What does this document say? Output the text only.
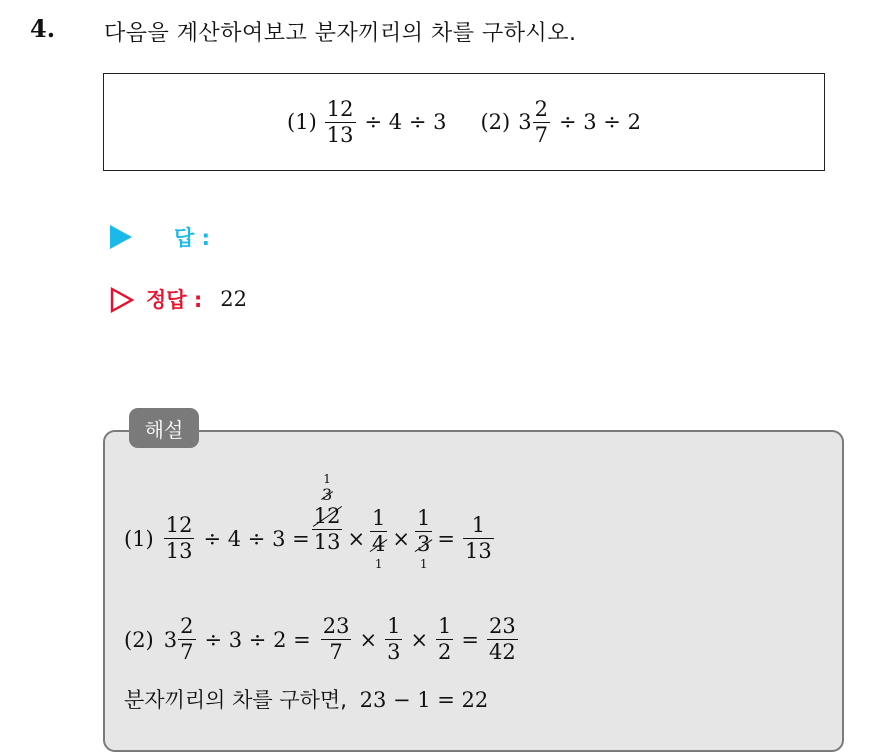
4. 다음을 계산하여보고 분자끼리의 차를 구하시오.
$(1) \frac{12}{13} \div 4 \div 3$ (2) $3 \frac{2}{7} \div 3 \div 2$
답 :
정답 : 22
해설
$(1) \frac{12}{13} \div 4 \div 3$ =
1
3
$\frac{12}{13} \times \frac{1}{4}$
1
× $\frac{1}{3}$
1
= $\frac{1}{13}$
(2) $3 \frac{2}{7} \div 3 \div 2 = \frac{23}{7} \times \frac{1}{3} \times \frac{1}{2} = \frac{23}{42}$
분자끼리의 차를 구하면, 23 − 1 = 22
